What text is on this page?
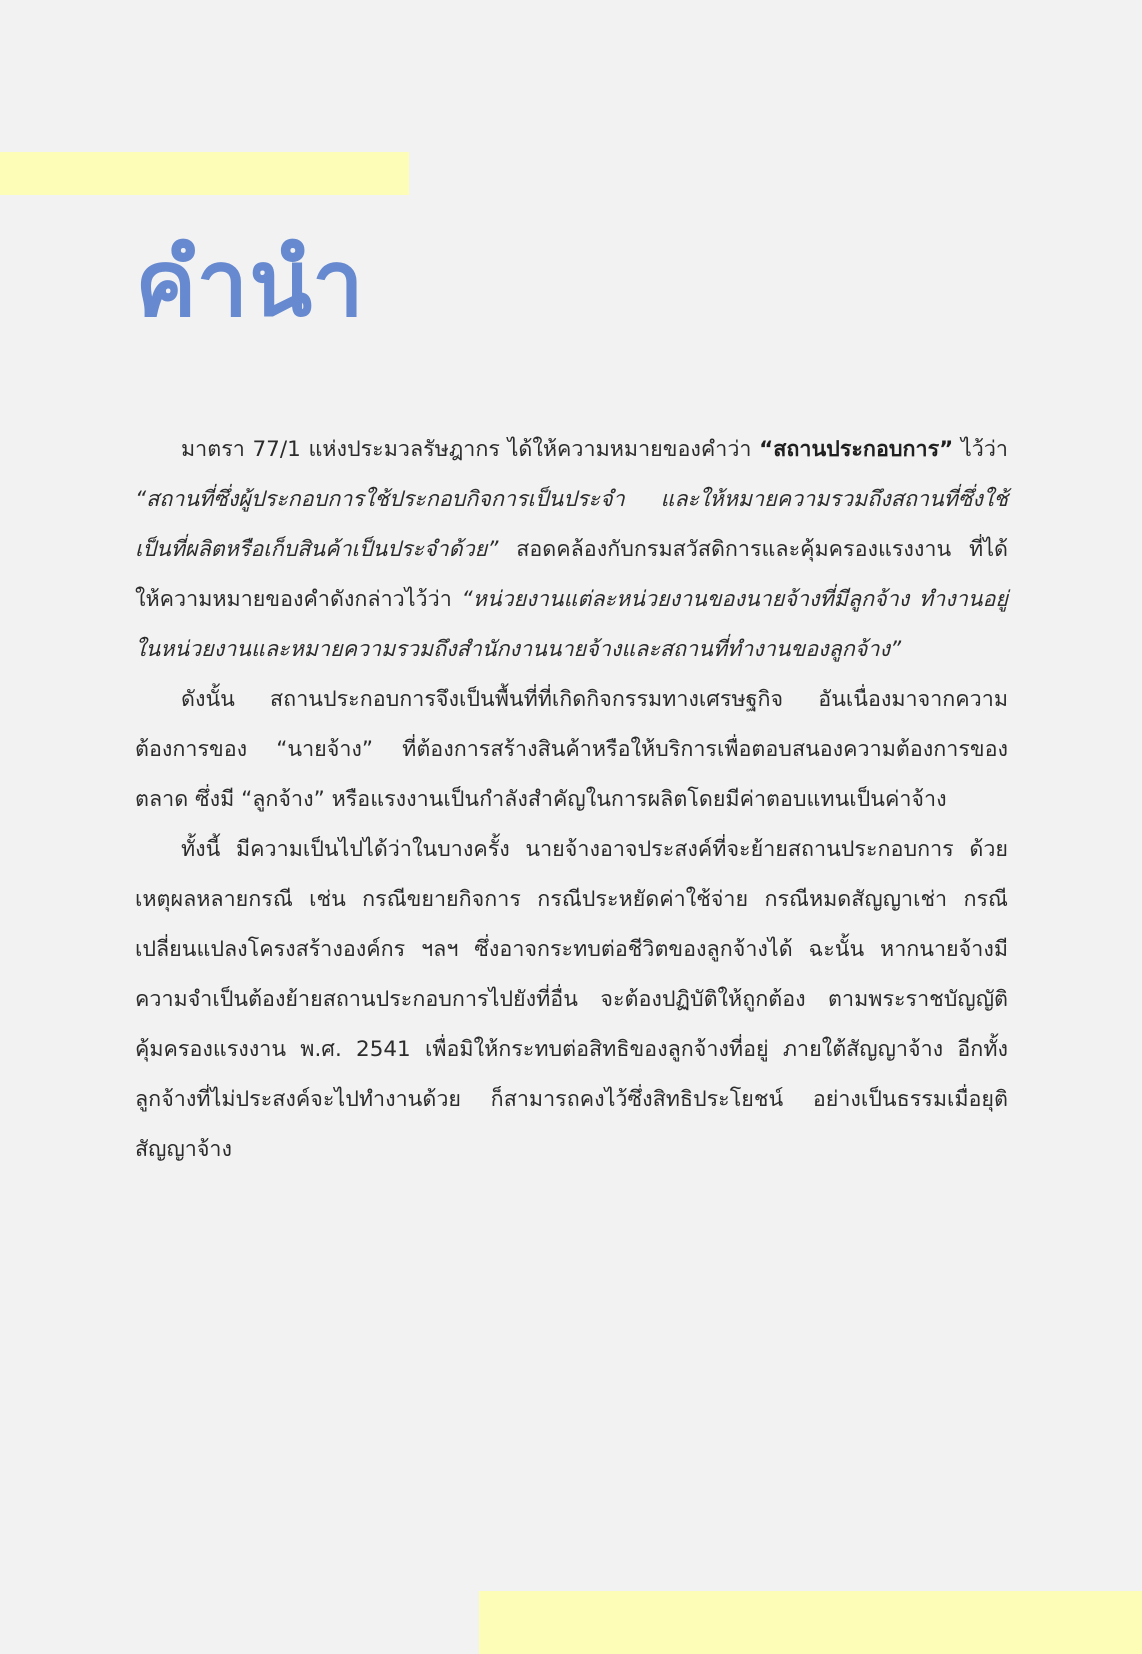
คำนำ

มาตรา 77/1 แห่งประมวลรัษฎากร ได้ให้ความหมายของคำว่า “สถานประกอบการ” ไว้ว่า “สถานที่ซึ่งผู้ประกอบการใช้ประกอบกิจการเป็นประจำ และให้หมายความรวมถึงสถานที่ซึ่งใช้เป็นที่ผลิตหรือเก็บสินค้าเป็นประจำด้วย” สอดคล้องกับกรมสวัสดิการและคุ้มครองแรงงาน ที่ได้ให้ความหมายของคำดังกล่าวไว้ว่า “หน่วยงานแต่ละหน่วยงานของนายจ้างที่มีลูกจ้าง ทำงานอยู่ในหน่วยงานและหมายความรวมถึงสำนักงานนายจ้างและสถานที่ทำงานของลูกจ้าง”

ดังนั้น สถานประกอบการจึงเป็นพื้นที่ที่เกิดกิจกรรมทางเศรษฐกิจ อันเนื่องมาจากความต้องการของ “นายจ้าง” ที่ต้องการสร้างสินค้าหรือให้บริการเพื่อตอบสนองความต้องการของตลาด ซึ่งมี “ลูกจ้าง” หรือแรงงานเป็นกำลังสำคัญในการผลิตโดยมีค่าตอบแทนเป็นค่าจ้าง

ทั้งนี้ มีความเป็นไปได้ว่าในบางครั้ง นายจ้างอาจประสงค์ที่จะย้ายสถานประกอบการ ด้วยเหตุผลหลายกรณี เช่น กรณีขยายกิจการ กรณีประหยัดค่าใช้จ่าย กรณีหมดสัญญาเช่า กรณีเปลี่ยนแปลงโครงสร้างองค์กร ฯลฯ ซึ่งอาจกระทบต่อชีวิตของลูกจ้างได้ ฉะนั้น หากนายจ้างมีความจำเป็นต้องย้ายสถานประกอบการไปยังที่อื่น จะต้องปฏิบัติให้ถูกต้อง ตามพระราชบัญญัติคุ้มครองแรงงาน พ.ศ. 2541 เพื่อมิให้กระทบต่อสิทธิของลูกจ้างที่อยู่ ภายใต้สัญญาจ้าง อีกทั้งลูกจ้างที่ไม่ประสงค์จะไปทำงานด้วย ก็สามารถคงไว้ซึ่งสิทธิประโยชน์ อย่างเป็นธรรมเมื่อยุติสัญญาจ้าง
